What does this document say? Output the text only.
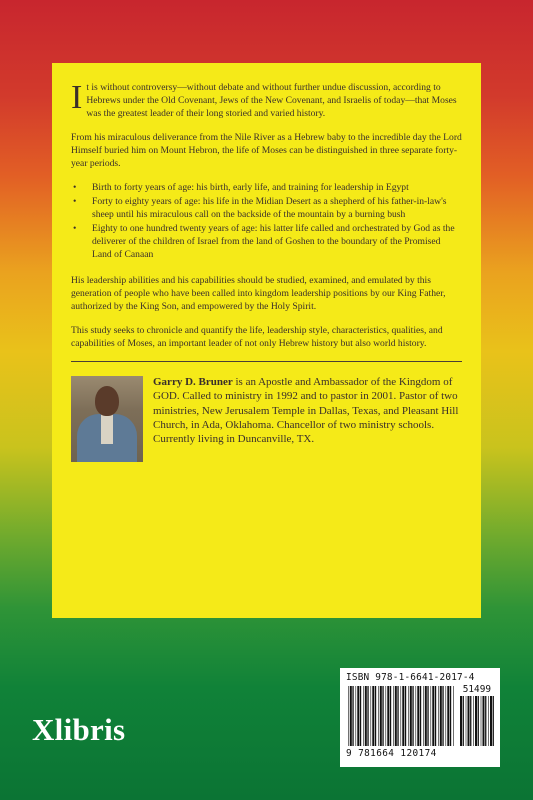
It is without controversy—without debate and without further undue discussion, according to Hebrews under the Old Covenant, Jews of the New Covenant, and Israelis of today—that Moses was the greatest leader of their long storied and varied history.

From his miraculous deliverance from the Nile River as a Hebrew baby to the incredible day the Lord Himself buried him on Mount Hebron, the life of Moses can be distinguished in three separate forty-year periods.

• Birth to forty years of age: his birth, early life, and training for leadership in Egypt
• Forty to eighty years of age: his life in the Midian Desert as a shepherd of his father-in-law's sheep until his miraculous call on the backside of the mountain by a burning bush
• Eighty to one hundred twenty years of age: his latter life called and orchestrated by God as the deliverer of the children of Israel from the land of Goshen to the boundary of the Promised Land of Canaan

His leadership abilities and his capabilities should be studied, examined, and emulated by this generation of people who have been called into kingdom leadership positions by our King Father, authorized by the King Son, and empowered by the Holy Spirit.

This study seeks to chronicle and quantify the life, leadership style, characteristics, qualities, and capabilities of Moses, an important leader of not only Hebrew history but also world history.

Garry D. Bruner is an Apostle and Ambassador of the Kingdom of GOD. Called to ministry in 1992 and to pastor in 2001. Pastor of two ministries, New Jerusalem Temple in Dallas, Texas, and Pleasant Hill Church, in Ada, Oklahoma. Chancellor of two ministry schools. Currently living in Duncanville, TX.
Xlibris
ISBN 978-1-6641-2017-4
51499
9 781664 120174
